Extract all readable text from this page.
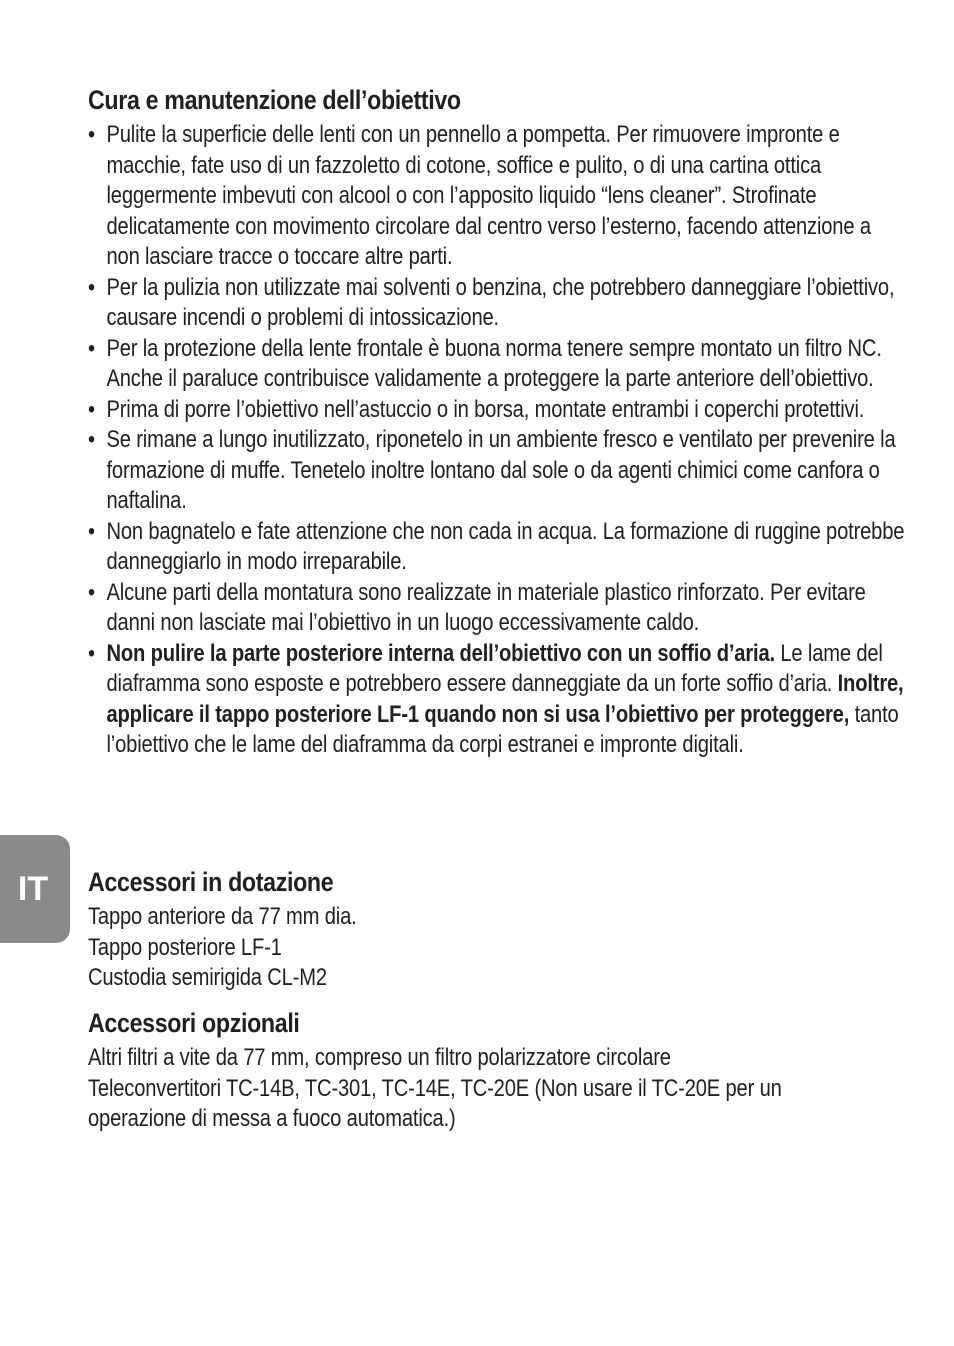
Cura e manutenzione dell’obiettivo
• Pulite la superficie delle lenti con un pennello a pompetta. Per rimuovere impronte e macchie, fate uso di un fazzoletto di cotone, soffice e pulito, o di una cartina ottica leggermente imbevuti con alcool o con l’apposito liquido “lens cleaner”. Strofinate delicatamente con movimento circolare dal centro verso l’esterno, facendo attenzione a non lasciare tracce o toccare altre parti.
• Per la pulizia non utilizzate mai solventi o benzina, che potrebbero danneggiare l’obiettivo, causare incendi o problemi di intossicazione.
• Per la protezione della lente frontale è buona norma tenere sempre montato un filtro NC. Anche il paraluce contribuisce validamente a proteggere la parte anteriore dell’obiettivo.
• Prima di porre l’obiettivo nell’astuccio o in borsa, montate entrambi i coperchi protettivi.
• Se rimane a lungo inutilizzato, riponetelo in un ambiente fresco e ventilato per prevenire la formazione di muffe. Tenetelo inoltre lontano dal sole o da agenti chimici come canfora o naftalina.
• Non bagnatelo e fate attenzione che non cada in acqua. La formazione di ruggine potrebbe danneggiarlo in modo irreparabile.
• Alcune parti della montatura sono realizzate in materiale plastico rinforzato. Per evitare danni non lasciate mai l’obiettivo in un luogo eccessivamente caldo.
• Non pulire la parte posteriore interna dell’obiettivo con un soffio d’aria. Le lame del diaframma sono esposte e potrebbero essere danneggiate da un forte soffio d’aria. Inoltre, applicare il tappo posteriore LF-1 quando non si usa l’obiettivo per proteggere, tanto l’obiettivo che le lame del diaframma da corpi estranei e impronte digitali.
IT Accessori in dotazione
Tappo anteriore da 77 mm dia.
Tappo posteriore LF-1
Custodia semirigida CL-M2
Accessori opzionali
Altri filtri a vite da 77 mm, compreso un filtro polarizzatore circolare
Teleconvertitori TC-14B, TC-301, TC-14E, TC-20E (Non usare il TC-20E per un
operazione di messa a fuoco automatica.)
